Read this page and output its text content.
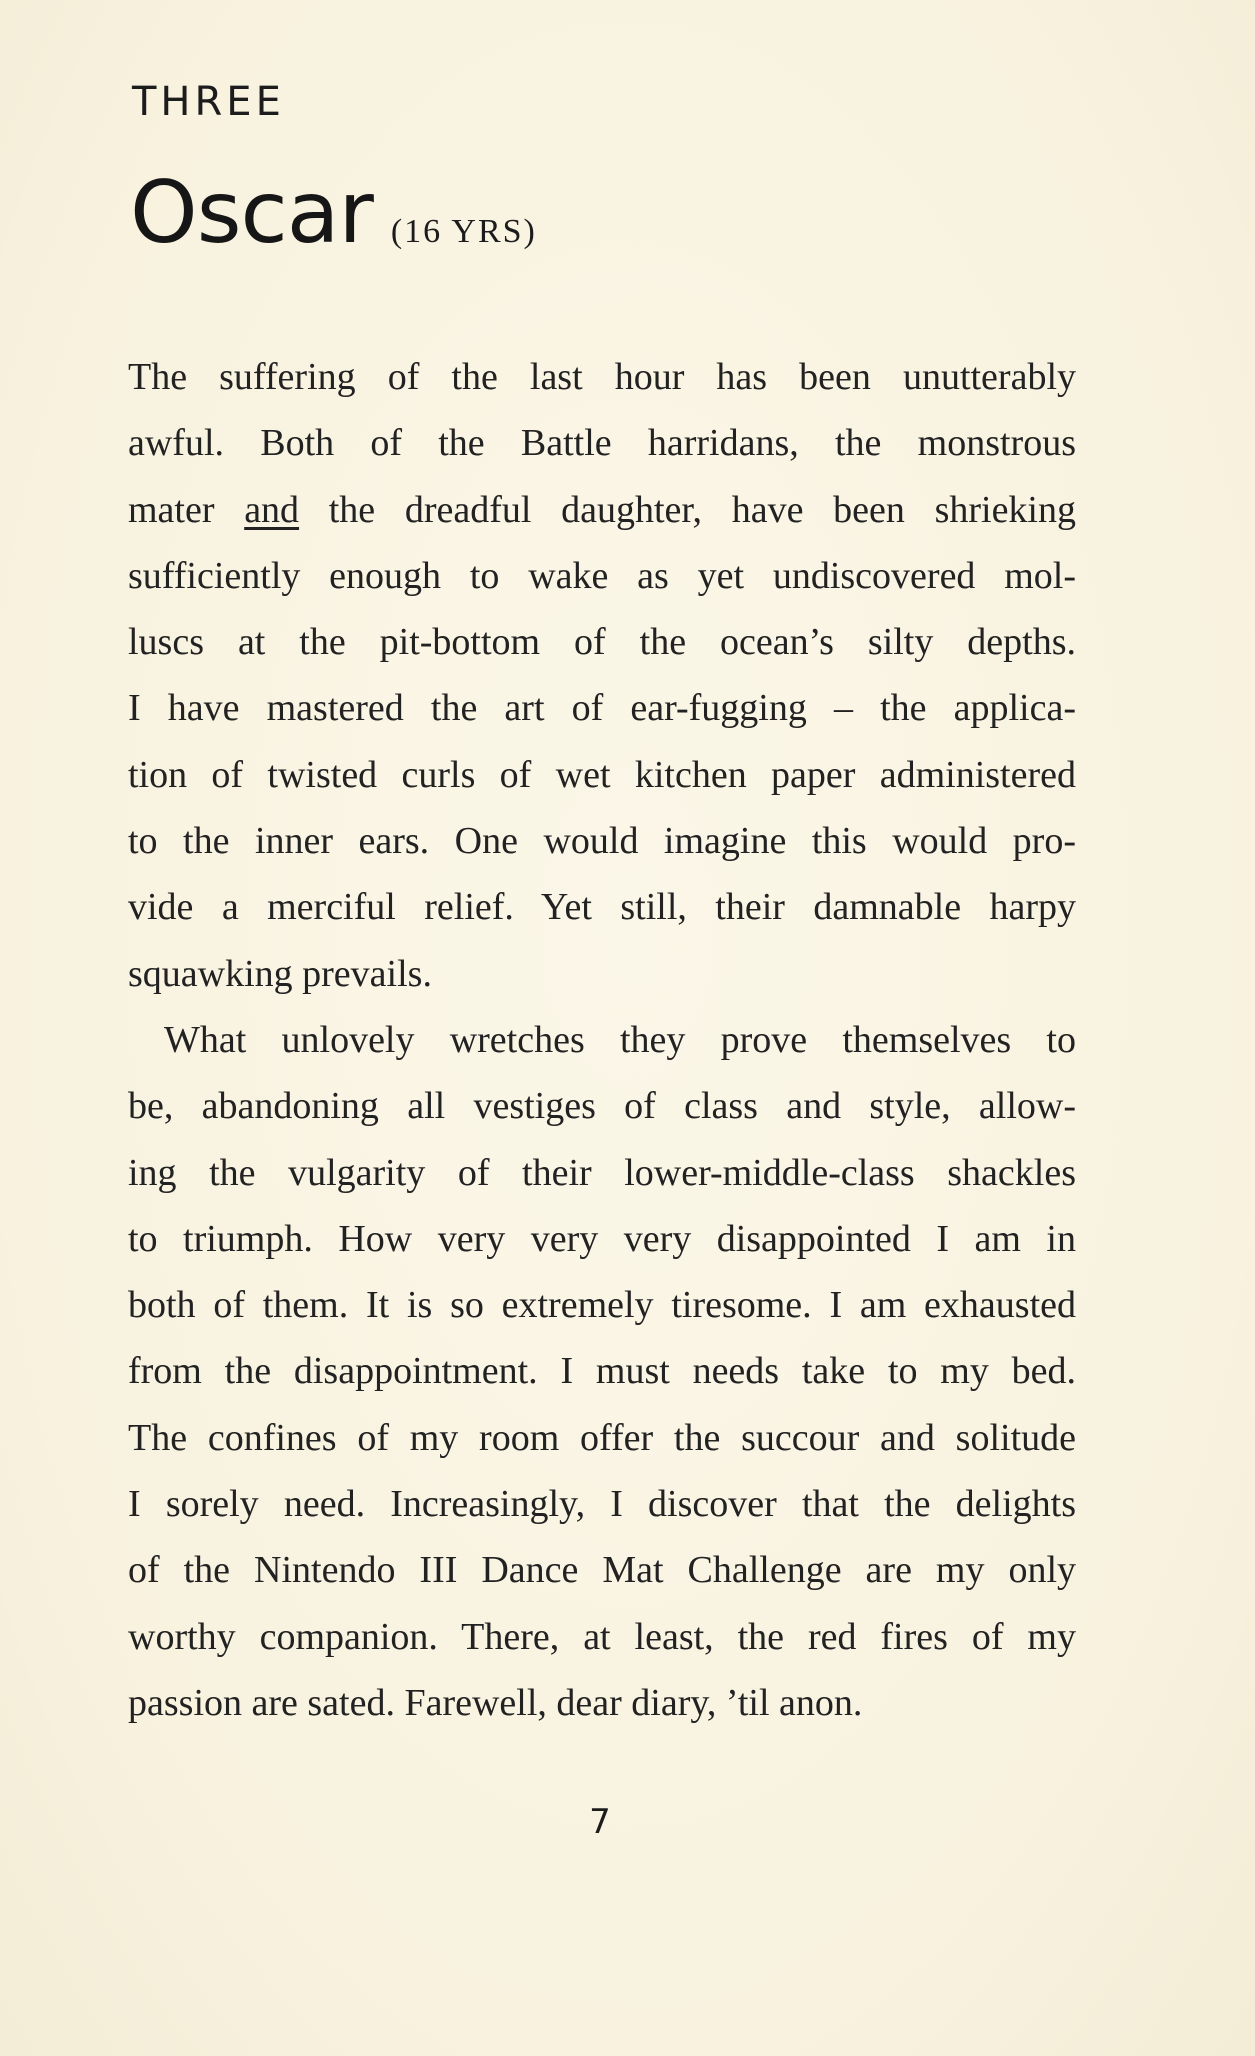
THREE
Oscar (16 YRS)
The suffering of the last hour has been unutterably
awful. Both of the Battle harridans, the monstrous
mater and the dreadful daughter, have been shrieking
sufficiently enough to wake as yet undiscovered mol-
luscs at the pit-bottom of the ocean’s silty depths.
I have mastered the art of ear-fugging – the applica-
tion of twisted curls of wet kitchen paper administered
to the inner ears. One would imagine this would pro-
vide a merciful relief. Yet still, their damnable harpy
squawking prevails.
What unlovely wretches they prove themselves to
be, abandoning all vestiges of class and style, allow-
ing the vulgarity of their lower-middle-class shackles
to triumph. How very very very disappointed I am in
both of them. It is so extremely tiresome. I am exhausted
from the disappointment. I must needs take to my bed.
The confines of my room offer the succour and solitude
I sorely need. Increasingly, I discover that the delights
of the Nintendo III Dance Mat Challenge are my only
worthy companion. There, at least, the red fires of my
passion are sated. Farewell, dear diary, ’til anon.
7
